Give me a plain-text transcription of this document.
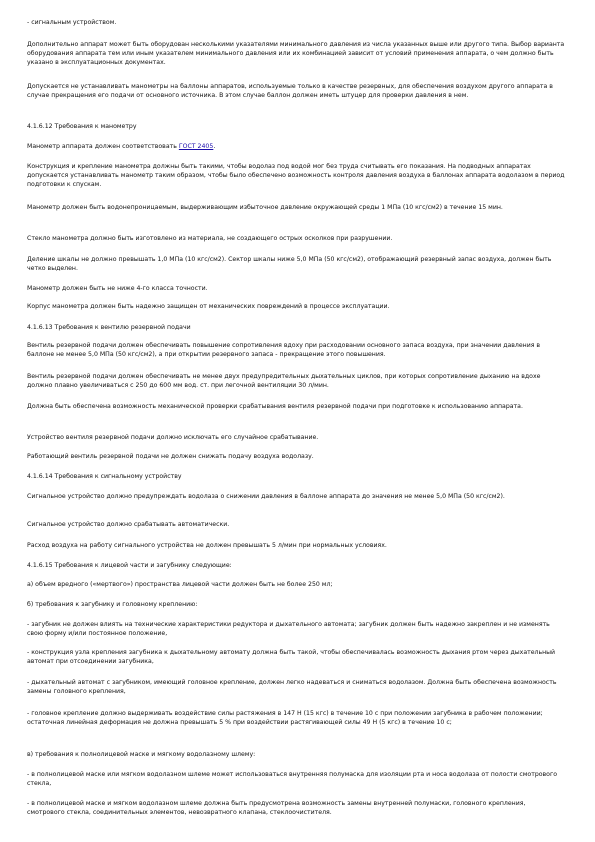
- сигнальным устройством.

Дополнительно аппарат может быть оборудован несколькими указателями минимального давления из числа указанных выше или другого типа. Выбор варианта оборудования аппарата тем или иным указателем минимального давления или их комбинацией зависит от условий применения аппарата, о чем должно быть указано в эксплуатационных документах.

Допускается не устанавливать манометры на баллоны аппаратов, используемые только в качестве резервных, для обеспечения воздухом другого аппарата в случае прекращения его подачи от основного источника. В этом случае баллон должен иметь штуцер для проверки давления в нем.

4.1.6.12 Требования к манометру

Манометр аппарата должен соответствовать ГОСТ 2405.

Конструкция и крепление манометра должны быть такими, чтобы водолаз под водой мог без труда считывать его показания. На подводных аппаратах допускается устанавливать манометр таким образом, чтобы было обеспечено возможность контроля давления воздуха в баллонах аппарата водолазом в период подготовки к спускам.

Манометр должен быть водонепроницаемым, выдерживающим избыточное давление окружающей среды 1 МПа (10 кгс/см2) в течение 15 мин.

Стекло манометра должно быть изготовлено из материала, не создающего острых осколков при разрушении.

Деление шкалы не должно превышать 1,0 МПа (10 кгс/см2). Сектор шкалы ниже 5,0 МПа (50 кгс/см2), отображающий резервный запас воздуха, должен быть четко выделен.

Манометр должен быть не ниже 4-го класса точности.

Корпус манометра должен быть надежно защищен от механических повреждений в процессе эксплуатации.

4.1.6.13 Требования к вентилю резервной подачи

Вентиль резервной подачи должен обеспечивать повышение сопротивления вдоху при расходовании основного запаса воздуха, при значении давления в баллоне не менее 5,0 МПа (50 кгс/см2), а при открытии резервного запаса - прекращение этого повышения.

Вентиль резервной подачи должен обеспечивать не менее двух предупредительных дыхательных циклов, при которых сопротивление дыханию на вдохе должно плавно увеличиваться с 250 до 600 мм вод. ст. при легочной вентиляции 30 л/мин.

Должна быть обеспечена возможность механической проверки срабатывания вентиля резервной подачи при подготовке к использованию аппарата.

Устройство вентиля резервной подачи должно исключать его случайное срабатывание.

Работающий вентиль резервной подачи не должен снижать подачу воздуха водолазу.

4.1.6.14 Требования к сигнальному устройству

Сигнальное устройство должно предупреждать водолаза о снижении давления в баллоне аппарата до значения не менее 5,0 МПа (50 кгс/см2).

Сигнальное устройство должно срабатывать автоматически.

Расход воздуха на работу сигнального устройства не должен превышать 5 л/мин при нормальных условиях.

4.1.6.15 Требования к лицевой части и загубнику следующие:

а) объем вредного («мертвого») пространства лицевой части должен быть не более 250 мл;

б) требования к загубнику и головному креплению:

- загубник не должен влиять на технические характеристики редуктора и дыхательного автомата; загубник должен быть надежно закреплен и не изменять свою форму и/или постоянное положение,

- конструкция узла крепления загубника к дыхательному автомату должна быть такой, чтобы обеспечивалась возможность дыхания ртом через дыхательный автомат при отсоединении загубника,

- дыхательный автомат с загубником, имеющий головное крепление, должен легко надеваться и сниматься водолазом. Должна быть обеспечена возможность замены головного крепления,

- головное крепление должно выдерживать воздействие силы растяжения в 147 Н (15 кгс) в течение 10 с при положении загубника в рабочем положении; остаточная линейная деформация не должна превышать 5 % при воздействии растягивающей силы 49 Н (5 кгс) в течение 10 с;

в) требования к полнолицевой маске и мягкому водолазному шлему:

- в полнолицевой маске или мягком водолазном шлеме может использоваться внутренняя полумаска для изоляции рта и носа водолаза от полости смотрового стекла,

- в полнолицевой маске и мягком водолазном шлеме должна быть предусмотрена возможность замены внутренней полумаски, головного крепления, смотрового стекла, соединительных элементов, невозвратного клапана, стеклоочистителя.
